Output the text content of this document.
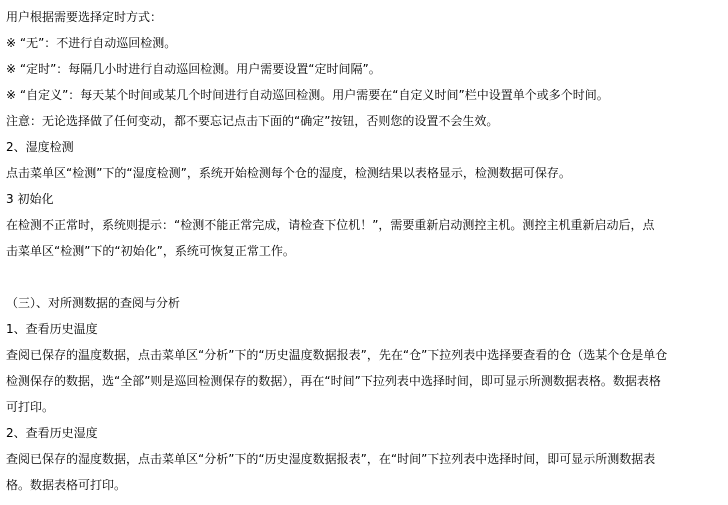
用户根据需要选择定时方式：
※ “无”：不进行自动巡回检测。
※ “定时”：每隔几小时进行自动巡回检测。用户需要设置“定时间隔”。
※ “自定义”：每天某个时间或某几个时间进行自动巡回检测。用户需要在“自定义时间”栏中设置单个或多个时间。
注意：无论选择做了任何变动，都不要忘记点击下面的“确定”按钮，否则您的设置不会生效。
2、湿度检测
点击菜单区“检测”下的“湿度检测”，系统开始检测每个仓的湿度，检测结果以表格显示，检测数据可保存。
3 初始化
在检测不正常时，系统则提示：“检测不能正常完成，请检查下位机！”，需要重新启动测控主机。测控主机重新启动后，点
击菜单区“检测”下的“初始化”，系统可恢复正常工作。
（三）、对所测数据的查阅与分析
1、查看历史温度
查阅已保存的温度数据，点击菜单区“分析”下的“历史温度数据报表”，先在“仓”下拉列表中选择要查看的仓（选某个仓是单仓
检测保存的数据，选“全部”则是巡回检测保存的数据），再在“时间”下拉列表中选择时间，即可显示所测数据表格。数据表格
可打印。
2、查看历史湿度
查阅已保存的湿度数据，点击菜单区“分析”下的“历史湿度数据报表”，在“时间”下拉列表中选择时间，即可显示所测数据表
格。数据表格可打印。
